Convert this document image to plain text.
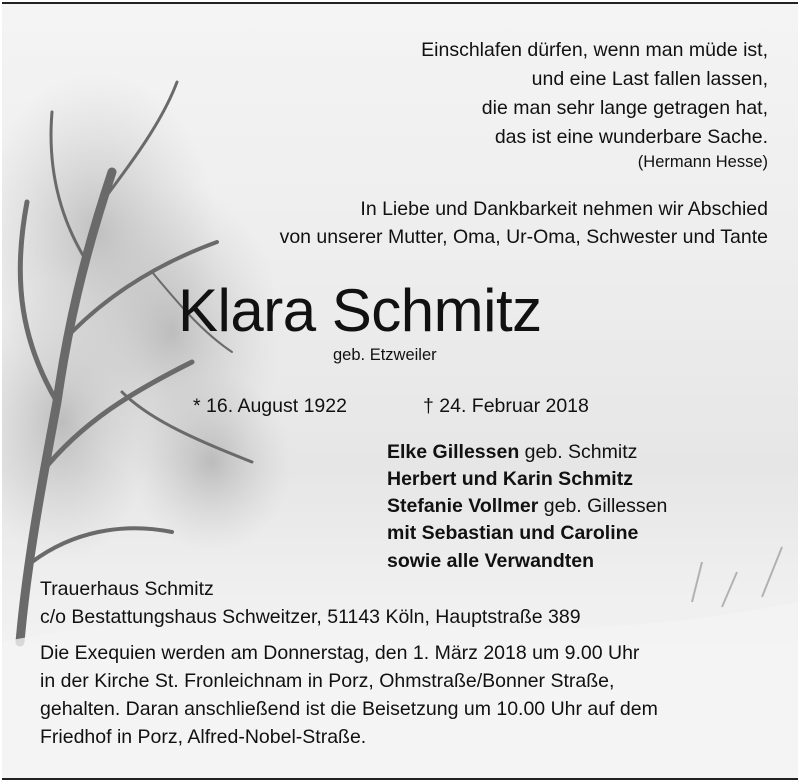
Einschlafen dürfen, wenn man müde ist,
und eine Last fallen lassen,
die man sehr lange getragen hat,
das ist eine wunderbare Sache.
(Hermann Hesse)
In Liebe und Dankbarkeit nehmen wir Abschied
von unserer Mutter, Oma, Ur-Oma, Schwester und Tante
Klara Schmitz
geb. Etzweiler
* 16. August 1922	† 24. Februar 2018
Elke Gillessen geb. Schmitz
Herbert und Karin Schmitz
Stefanie Vollmer geb. Gillessen
mit Sebastian und Caroline
sowie alle Verwandten
Trauerhaus Schmitz
c/o Bestattungshaus Schweitzer, 51143 Köln, Hauptstraße 389
Die Exequien werden am Donnerstag, den 1. März 2018 um 9.00 Uhr
in der Kirche St. Fronleichnam in Porz, Ohmstraße/Bonner Straße,
gehalten. Daran anschließend ist die Beisetzung um 10.00 Uhr auf dem
Friedhof in Porz, Alfred-Nobel-Straße.
